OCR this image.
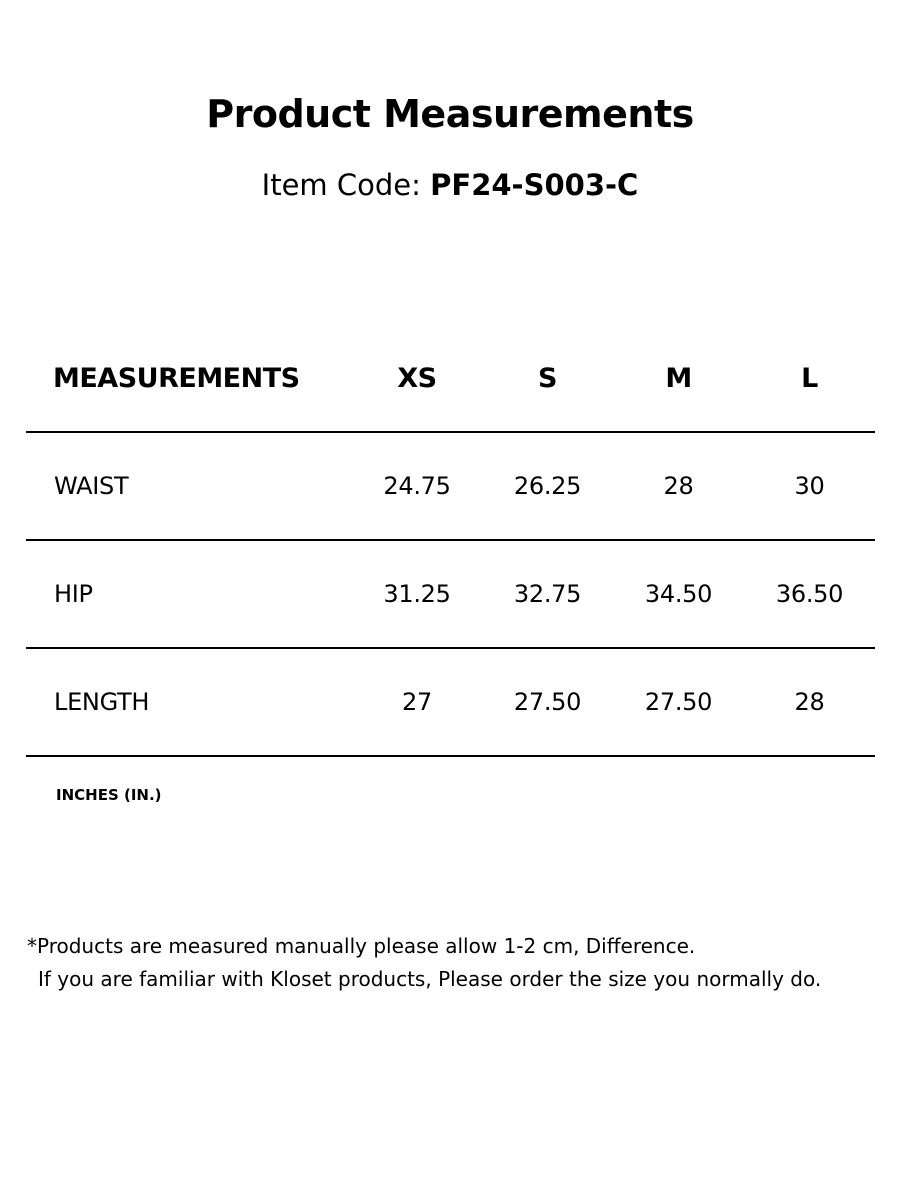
Product Measurements
Item Code: PF24-S003-C
MEASUREMENTS	XS	S	M	L
WAIST	24.75	26.25	28	30
HIP	31.25	32.75	34.50	36.50
LENGTH	27	27.50	27.50	28
INCHES (IN.)
*Products are measured manually please allow 1-2 cm, Difference.
If you are familiar with Kloset products, Please order the size you normally do.
